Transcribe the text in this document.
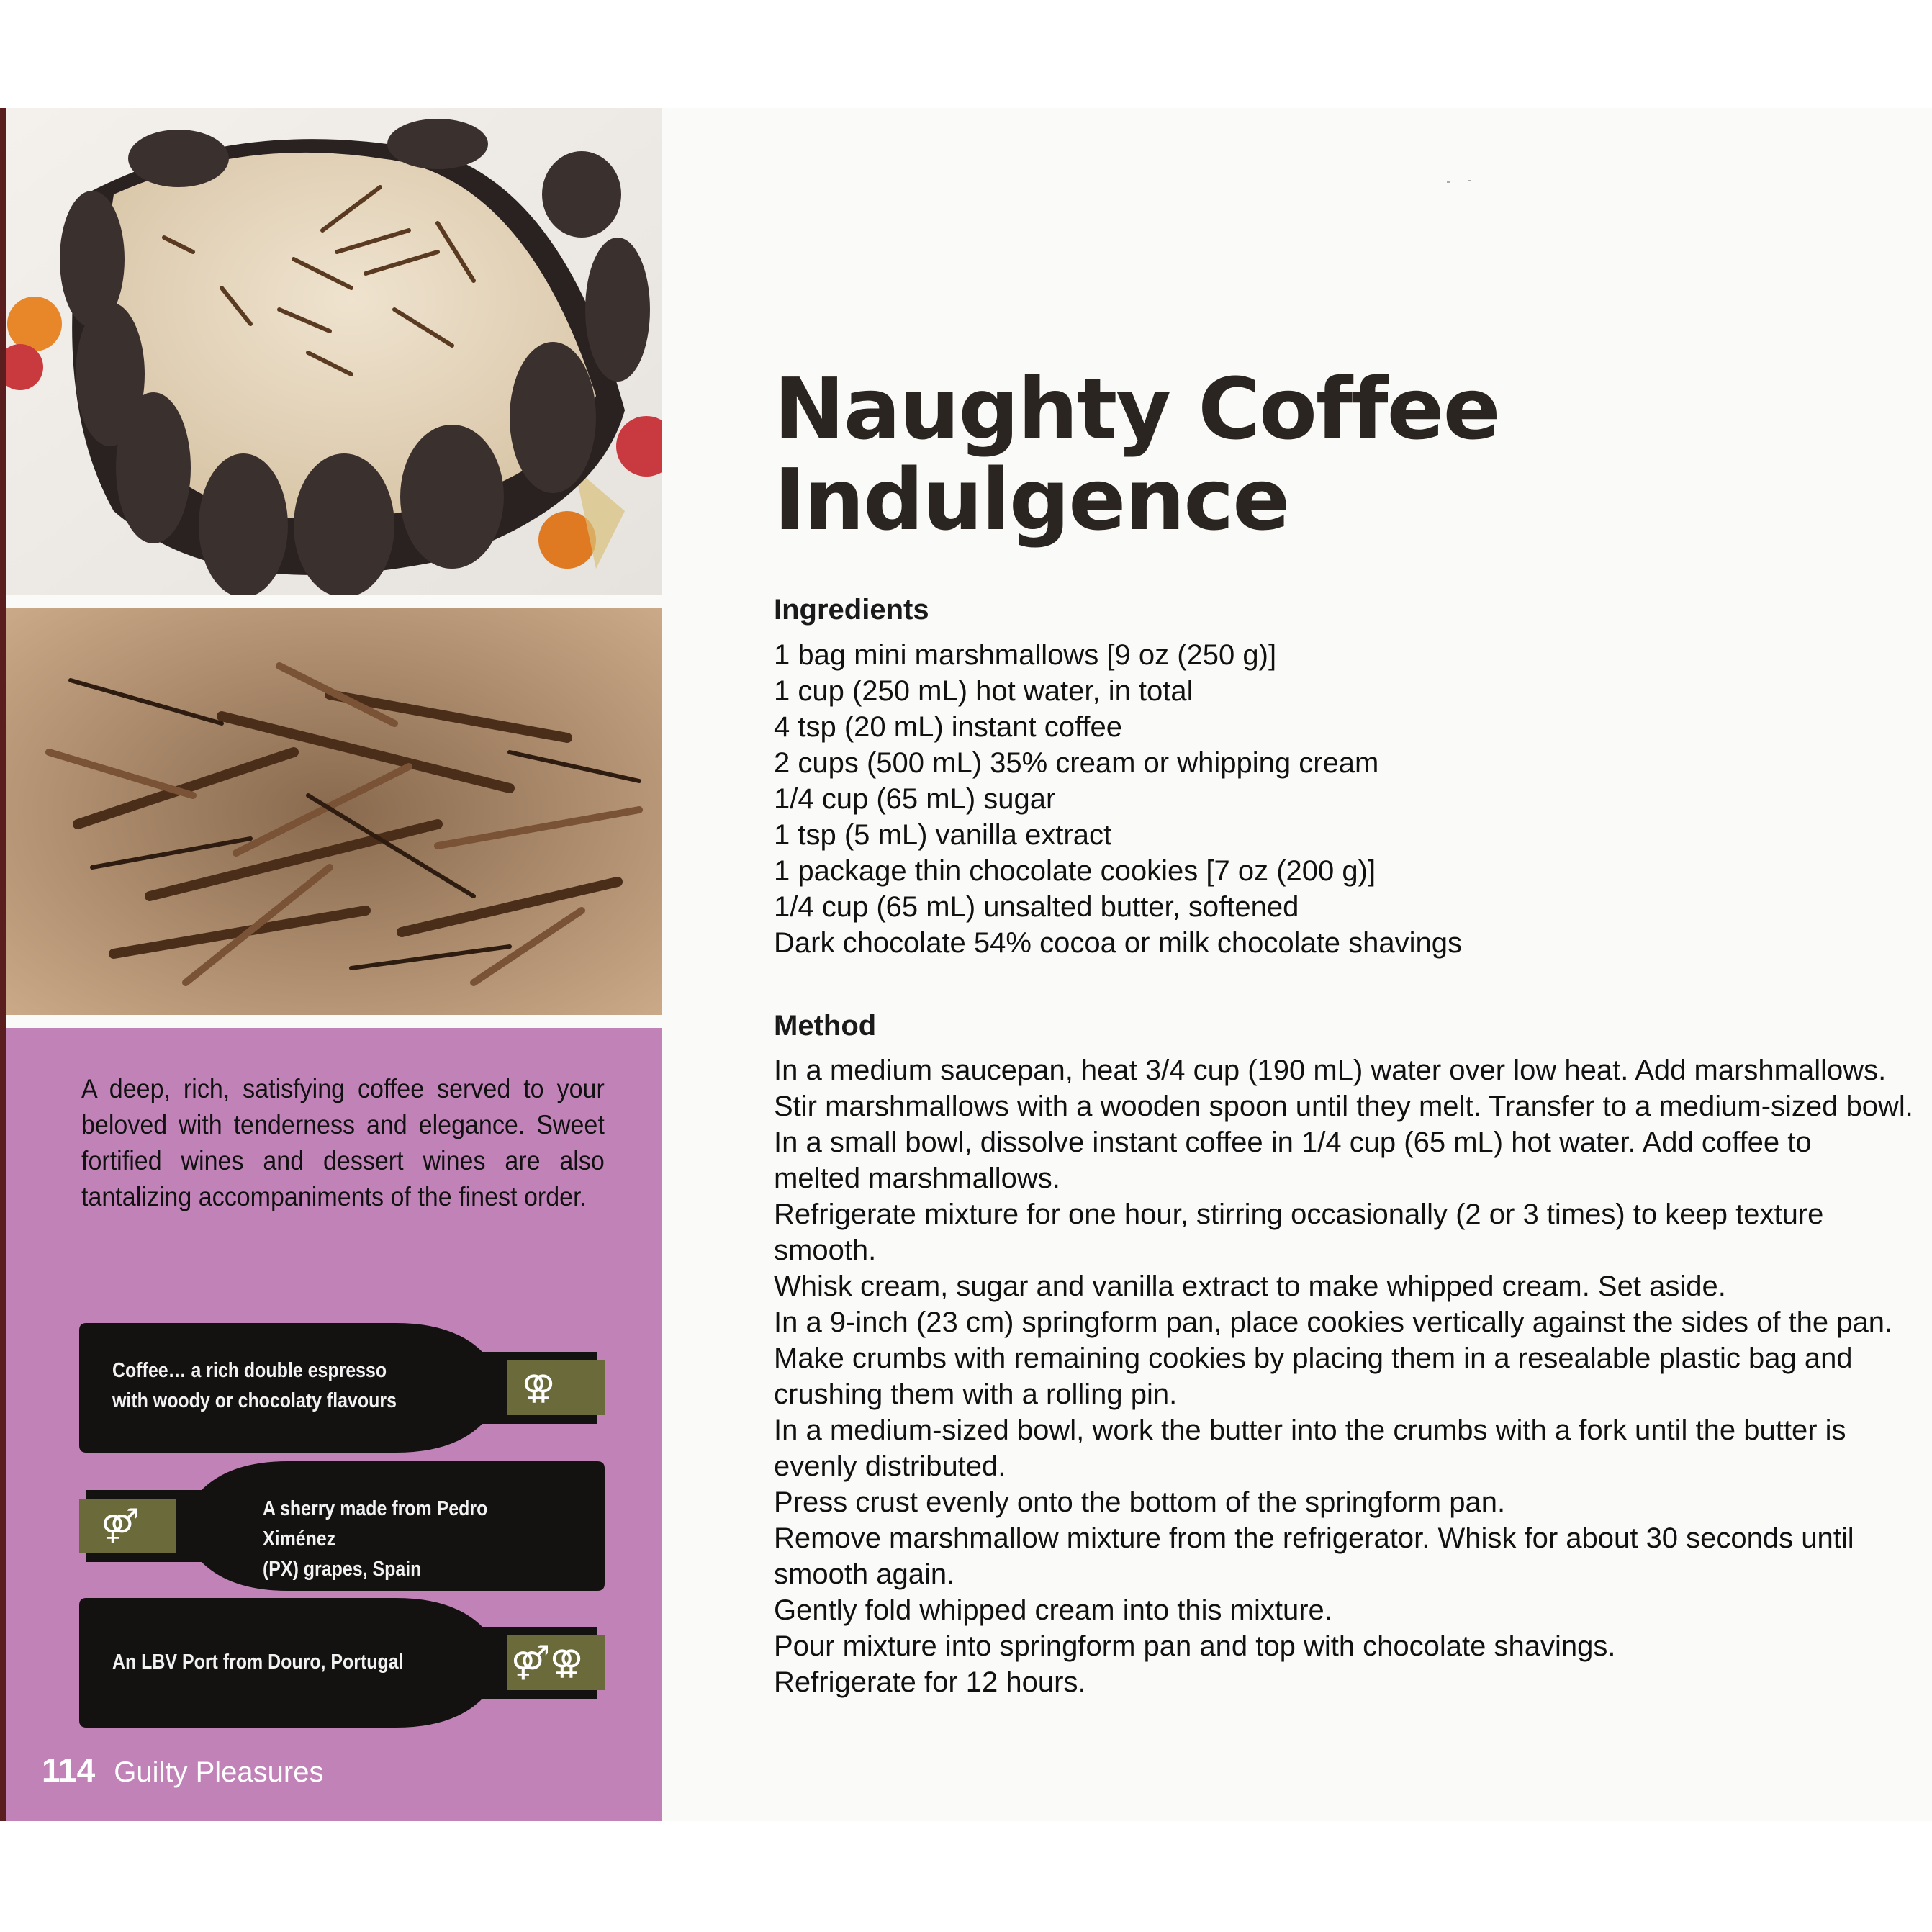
A deep, rich, satisfying coffee served to your beloved with tenderness and elegance. Sweet fortified wines and dessert wines are also tantalizing accompaniments of the finest order.

Coffee… a rich double espresso
with woody or chocolaty flavours	⚢
A sherry made from Pedro Ximénez
(PX) grapes, Spain
⚤
An LBV Port from Douro, Portugal	⚤⚢
114 Guilty Pleasures
Naughty Coffee
Indulgence
Ingredients
1 bag mini marshmallows [9 oz (250 g)]
1 cup (250 mL) hot water, in total
4 tsp (20 mL) instant coffee
2 cups (500 mL) 35% cream or whipping cream
1/4 cup (65 mL) sugar
1 tsp (5 mL) vanilla extract
1 package thin chocolate cookies [7 oz (200 g)]
1/4 cup (65 mL) unsalted butter, softened
Dark chocolate 54% cocoa or milk chocolate shavings
Method
In a medium saucepan, heat 3/4 cup (190 mL) water over low heat. Add marshmallows.
Stir marshmallows with a wooden spoon until they melt. Transfer to a medium-sized bowl.
In a small bowl, dissolve instant coffee in 1/4 cup (65 mL) hot water. Add coffee to
melted marshmallows.
Refrigerate mixture for one hour, stirring occasionally (2 or 3 times) to keep texture smooth.
Whisk cream, sugar and vanilla extract to make whipped cream. Set aside.
In a 9-inch (23 cm) springform pan, place cookies vertically against the sides of the pan.
Make crumbs with remaining cookies by placing them in a resealable plastic bag and
crushing them with a rolling pin.
In a medium-sized bowl, work the butter into the crumbs with a fork until the butter is
evenly distributed.
Press crust evenly onto the bottom of the springform pan.
Remove marshmallow mixture from the refrigerator. Whisk for about 30 seconds until
smooth again.
Gently fold whipped cream into this mixture.
Pour mixture into springform pan and top with chocolate shavings.
Refrigerate for 12 hours.
